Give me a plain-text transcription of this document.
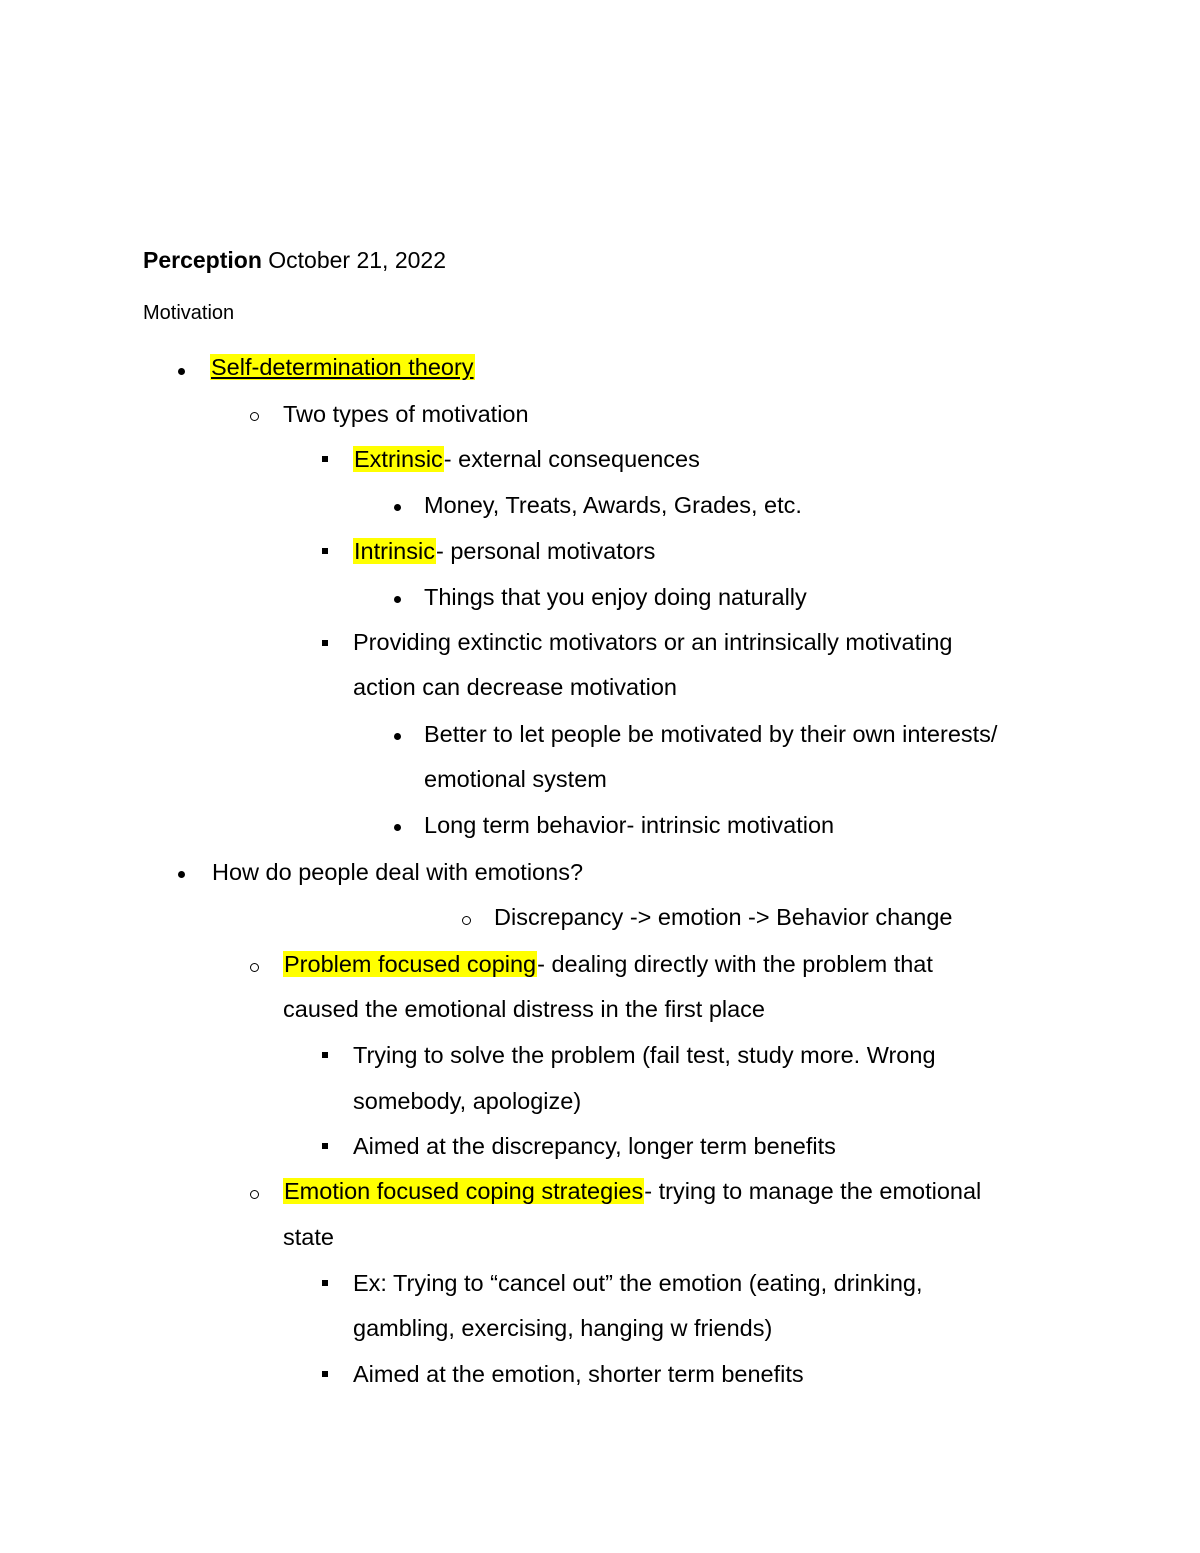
Perception October 21, 2022
Motivation
Self-determination theory
Two types of motivation
Extrinsic- external consequences
Money, Treats, Awards, Grades, etc.
Intrinsic- personal motivators
Things that you enjoy doing naturally
Providing extinctic motivators or an intrinsically motivating
action can decrease motivation
Better to let people be motivated by their own interests/
emotional system
Long term behavior- intrinsic motivation
How do people deal with emotions?
Discrepancy -> emotion -> Behavior change
Problem focused coping- dealing directly with the problem that
caused the emotional distress in the first place
Trying to solve the problem (fail test, study more. Wrong
somebody, apologize)
Aimed at the discrepancy, longer term benefits
Emotion focused coping strategies- trying to manage the emotional
state
Ex: Trying to “cancel out” the emotion (eating, drinking,
gambling, exercising, hanging w friends)
Aimed at the emotion, shorter term benefits
